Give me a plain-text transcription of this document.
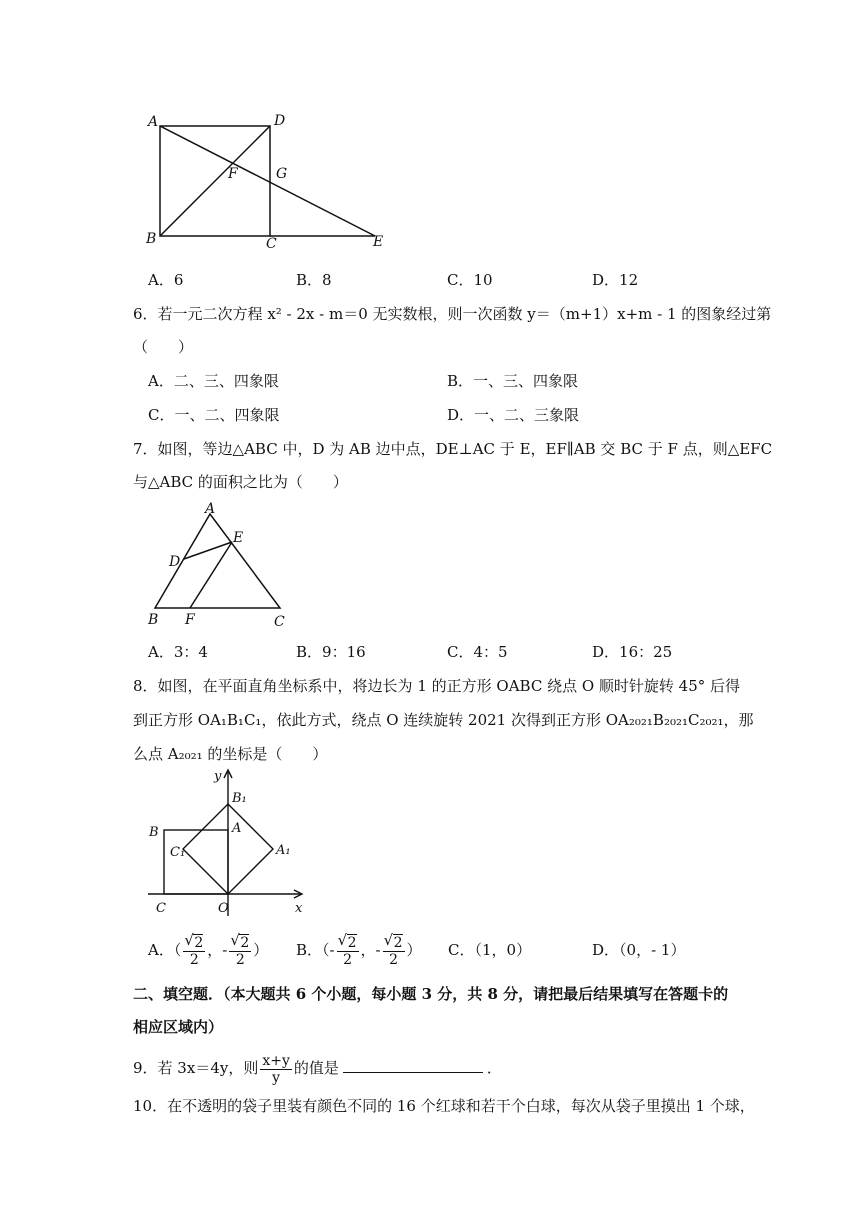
A	D
F	G
B	C	E
A．6	B．8	C．10	D．12
6．若一元二次方程 x² - 2x - m＝0 无实数根，则一次函数 y＝（m+1）x+m - 1 的图象经过第
（　　）
A．二、三、四象限	B．一、三、四象限
C．一、二、四象限	D．一、二、三象限
7．如图，等边△ABC 中，D 为 AB 边中点，DE⊥AC 于 E，EF∥AB 交 BC 于 F 点，则△EFC
与△ABC 的面积之比为（　　）
A
D
E
B F	C
A．3：4	B．9：16	C．4：5	D．16：25
8．如图，在平面直角坐标系中，将边长为 1 的正方形 OABC 绕点 O 顺时针旋转 45° 后得
到正方形 OA₁B₁C₁，依此方式，绕点 O 连续旋转 2021 次得到正方形 OA₂₀₂₁B₂₀₂₁C₂₀₂₁，那
么点 A₂₀₂₁ 的坐标是（　　）
y
B₁
B	A
C₁	A₁
C	O	x
A．（ √ $\frac{2}{2}$ ，- √ $\frac{2}{2}$ ） B．（- √ $\frac{2}{2}$ ，- √ $\frac{2}{2}$ ） C．（1，0）	D．（0，- 1）
二、填空题．（本大题共 6 个小题，每小题 3 分，共 8 分，请把最后结果填写在答题卡的
相应区域内）
9．若 3x＝4y，则 $\frac{x+y}{y}$ 的值是	．
10．在不透明的袋子里装有颜色不同的 16 个红球和若干个白球，每次从袋子里摸出 1 个球，
